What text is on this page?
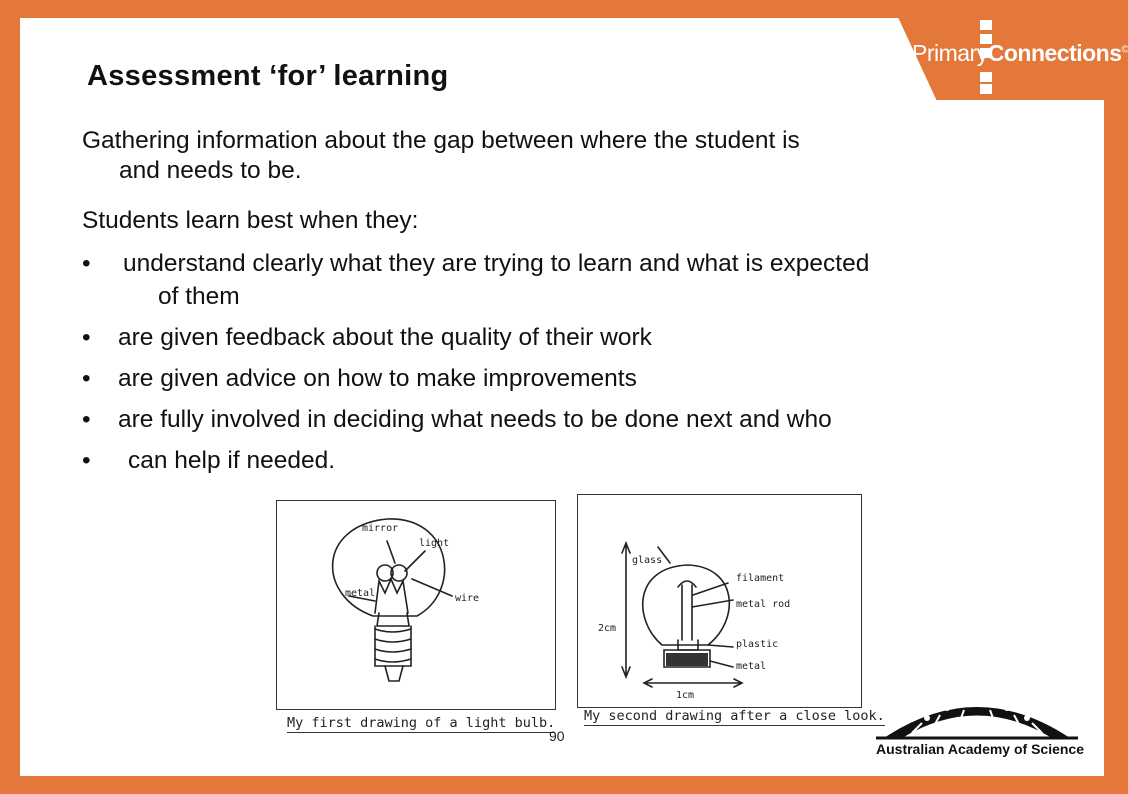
PrimaryConnections©
Assessment ‘for’ learning
Gathering information about the gap between where the student is
and needs to be.
Students learn best when they:
• understand clearly what they are trying to learn and what is expected
of them
• are given feedback about the quality of their work
• are given advice on how to make improvements
• are fully involved in deciding what needs to be done next and who
• can help if needed.
mirror
light
metal	wire
My first drawing of a light bulb.
glass
filament
metal rod
plastic
metal
2cm
1cm
My second drawing after a close look.
90
Australian Academy of Science
